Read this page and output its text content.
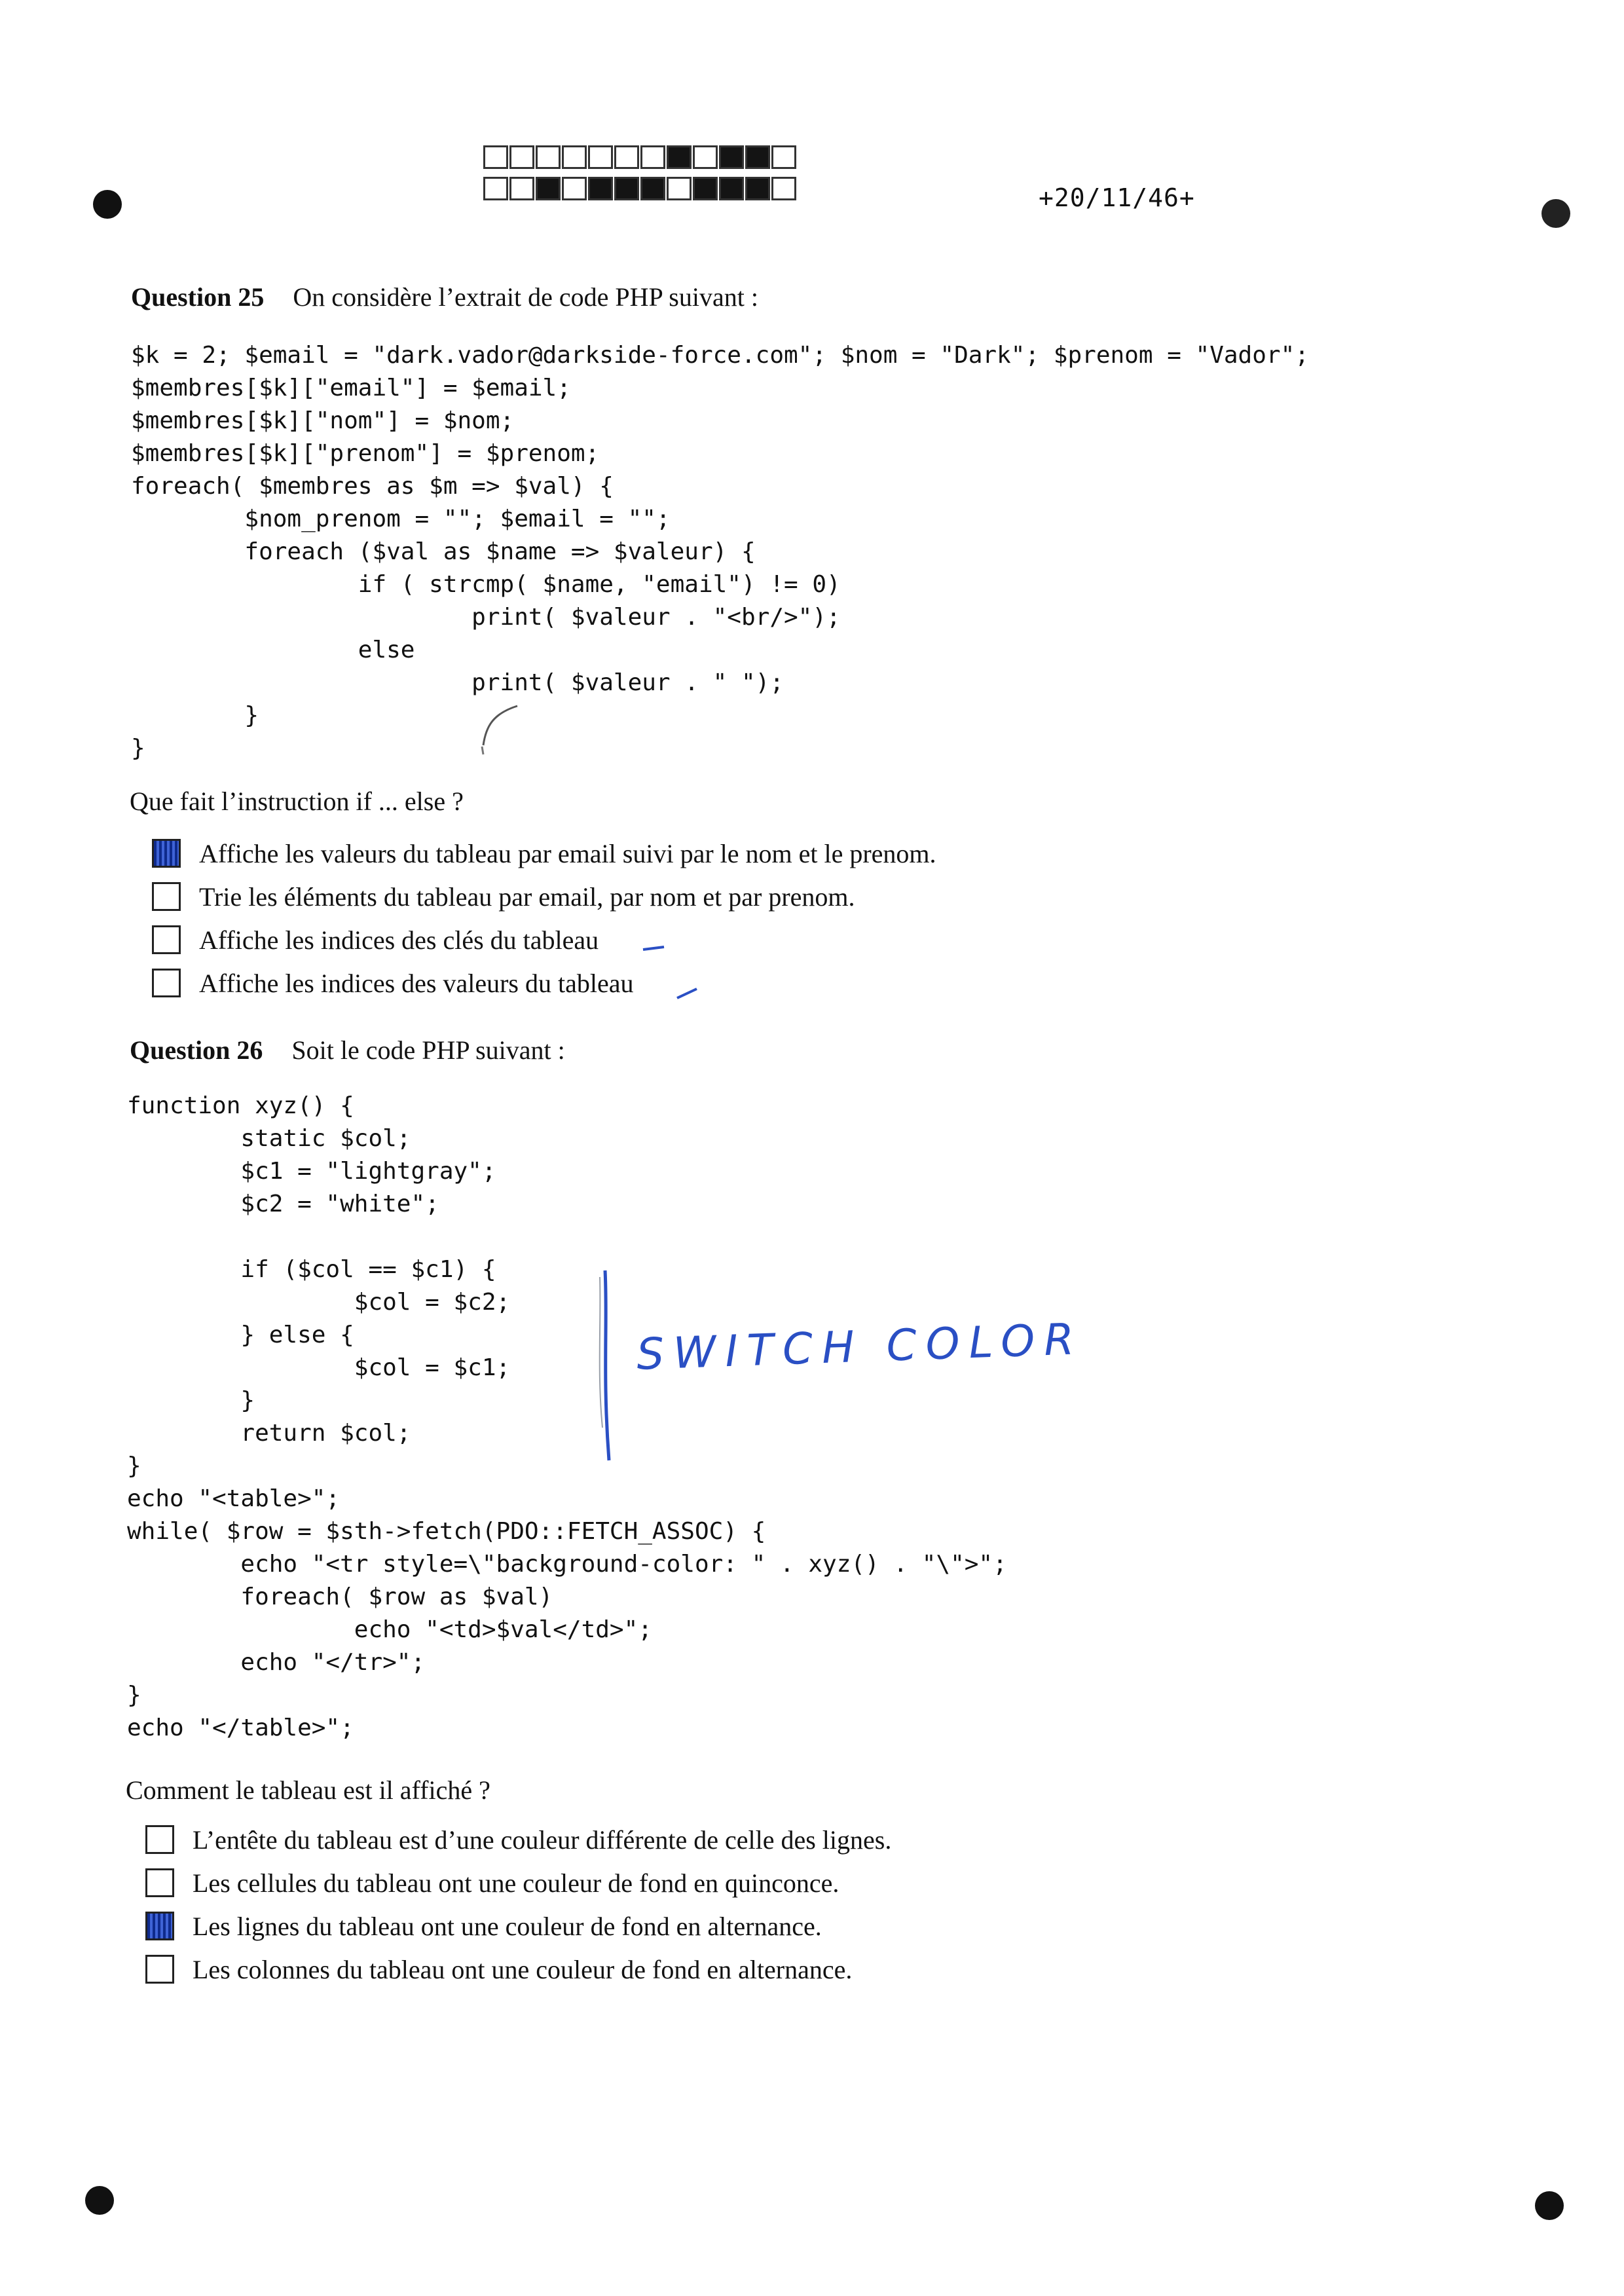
+20/11/46+
Question 25 On considère l’extrait de code PHP suivant :
$k = 2; $email = "dark.vador@darkside-force.com"; $nom = "Dark"; $prenom = "Vador";
$membres[$k]["email"] = $email;
$membres[$k]["nom"] = $nom;
$membres[$k]["prenom"] = $prenom;
foreach( $membres as $m => $val) {
$nom_prenom = ""; $email = "";
foreach ($val as $name => $valeur) {
if ( strcmp( $name, "email") != 0)
print( $valeur . "<br/>");
else
print( $valeur . " ");
}
}
Que fait l’instruction if ... else ?
Affiche les valeurs du tableau par email suivi par le nom et le prenom.
Trie les éléments du tableau par email, par nom et par prenom.
Affiche les indices des clés du tableau
Affiche les indices des valeurs du tableau
Question 26 Soit le code PHP suivant :
function xyz() {
static $col;
$c1 = "lightgray";
$c2 = "white";

if ($col == $c1) {
$col = $c2;
} else {
$col = $c1;
}
return $col;
}
echo "<table>";
while( $row = $sth->fetch(PDO::FETCH_ASSOC) {
echo "<tr style=\"background-color: " . xyz() . "\">";
foreach( $row as $val)
echo "<td>$val</td>";
echo "</tr>";
}
echo "</table>";
Comment le tableau est il affiché ?
L’entête du tableau est d’une couleur différente de celle des lignes.
Les cellules du tableau ont une couleur de fond en quinconce.
Les lignes du tableau ont une couleur de fond en alternance.
Les colonnes du tableau ont une couleur de fond en alternance.
SWITCH COLOR
